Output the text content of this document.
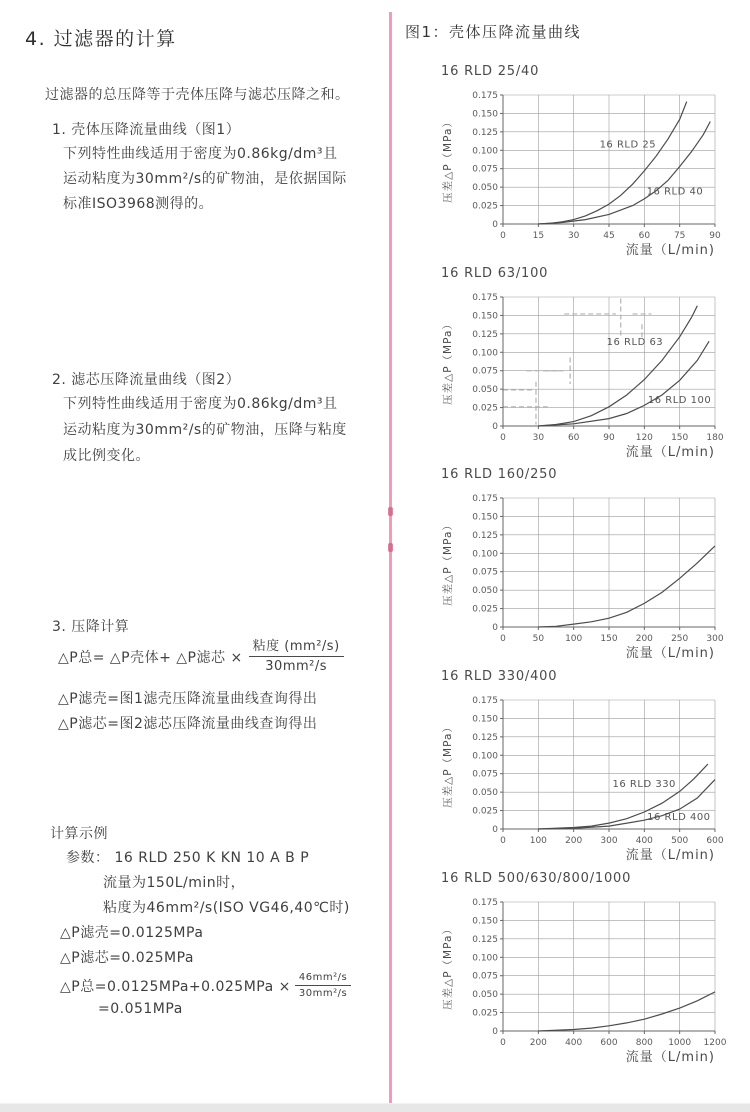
4. 过滤器的计算
过滤器的总压降等于壳体压降与滤芯压降之和。
1. 壳体压降流量曲线（图1）
下列特性曲线适用于密度为0.86kg/dm³且
运动粘度为30mm²/s的矿物油，是依据国际
标准ISO3968测得的。
2. 滤芯压降流量曲线（图2）
下列特性曲线适用于密度为0.86kg/dm³且
运动粘度为30mm²/s的矿物油，压降与粘度
成比例变化。
3. 压降计算
△P总= △P壳体+ △P滤芯 × $\frac{\text{粘度 (mm²/s)}}{\text{30mm²/s}}$
△P滤壳=图1滤壳压降流量曲线查询得出
△P滤芯=图2滤芯压降流量曲线查询得出
计算示例
参数： 16 RLD 250 K KN 10 A B P
流量为150L/min时，
粘度为46mm²/s(ISO VG46,40℃时)
△P滤壳=0.0125MPa
△P滤芯=0.025MPa
△P总$=0.0125MPa+0.025MPa \times \frac{\text{46mm²/s}}{\text{30mm²/s}}$
=0.051MPa
图1：壳体压降流量曲线
16 RLD 25/40
0	15	30	45	60	75	90
0
0.025
0.050
0.075
0.100
0.125
0.150
0.175
压差△P（MPa）
流量（L/min)
16 RLD 25
16 RLD 40
16 RLD 63/100
0	30	60	90 120 150 180
0
0.025
0.050
0.075
0.100
0.125
0.150
0.175
压差△P（MPa）
流量（L/min)
16 RLD 63
16 RLD 100
16 RLD 160/250
0	50 100 150 200 250 300
0
0.025
0.050
0.075
0.100
0.125
0.150
0.175
压差△P（MPa）
流量（L/min)
16 RLD 330/400
0	100 200 300 400 500 600
0
0.025
0.050
0.075
0.100
0.125
0.150
0.175
压差△P（MPa）
流量（L/min)
16 RLD 330
16 RLD 400
16 RLD 500/630/800/1000
0	200 400 600 800 1000 1200
0
0.025
0.050
0.075
0.100
0.125
0.150
0.175
压差△P（MPa）
流量（L/min)
